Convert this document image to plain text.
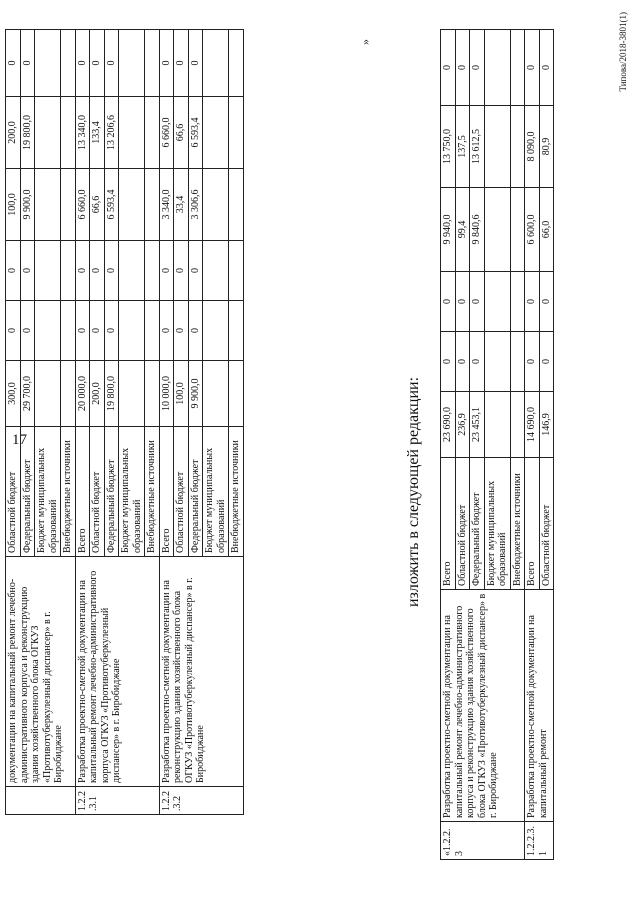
17
Типова/2018-3801(1)
	документации на капитальный ремонт лечебно-административного корпуса и реконструкцию здания хозяйственного блока ОГКУЗ «Противотуберкулезный диспансер» в г. Биробиджане	Областной бюджет	300,0	0	0	100,0	200,0	0
		Федеральный бюджет	29 700,0	0	0	9 900,0	19 800,0	0
		Бюджет муниципальных образований						
		Внебюджетные источники						
1.2.2.3.1	Разработка проектно-сметной документации на капитальный ремонт лечебно-административного корпуса ОГКУЗ «Противотуберкулезный диспансер» в г. Биробиджане	Всего	20 000,0	0	0	6 660,0	13 340,0	0
		Областной бюджет	200,0	0	0	66,6	133,4	0
		Федеральный бюджет	19 800,0	0	0	6 593,4	13 206,6	0
		Бюджет муниципальных образований						
		Внебюджетные источники						
1.2.2.3.2	Разработка проектно-сметной документации на реконструкцию здания хозяйственного блока ОГКУЗ «Противотуберкулезный диспансер» в г. Биробиджане	Всего	10 000,0	0	0	3 340,0	6 660,0	0
		Областной бюджет	100,0	0	0	33,4	66,6	0
		Федеральный бюджет	9 900,0	0	0	3 306,6	6 593,4	0
		Бюджет муниципальных образований						
		Внебюджетные источники						
»
изложить в следующей редакции:
«1.2.2.3	Разработка проектно-сметной документации на капитальный ремонт лечебно-административного корпуса и реконструкцию здания хозяйственного блока ОГКУЗ «Противотуберкулезный диспансер» в г. Биробиджане	Всего	23 690,0	0	0	9 940,0	13 750,0	0
		Областной бюджет	236,9	0	0	99,4	137,5	0
		Федеральный бюджет	23 453,1	0	0	9 840,6	13 612,5	0
		Бюджет муниципальных образований						
		Внебюджетные источники						
1.2.2.3.1	Разработка проектно-сметной документации на капитальный ремонт	Всего	14 690,0	0	0	6 600,0	8 090,0	0
		Областной бюджет	146,9	0	0	66,0	80,9	0
